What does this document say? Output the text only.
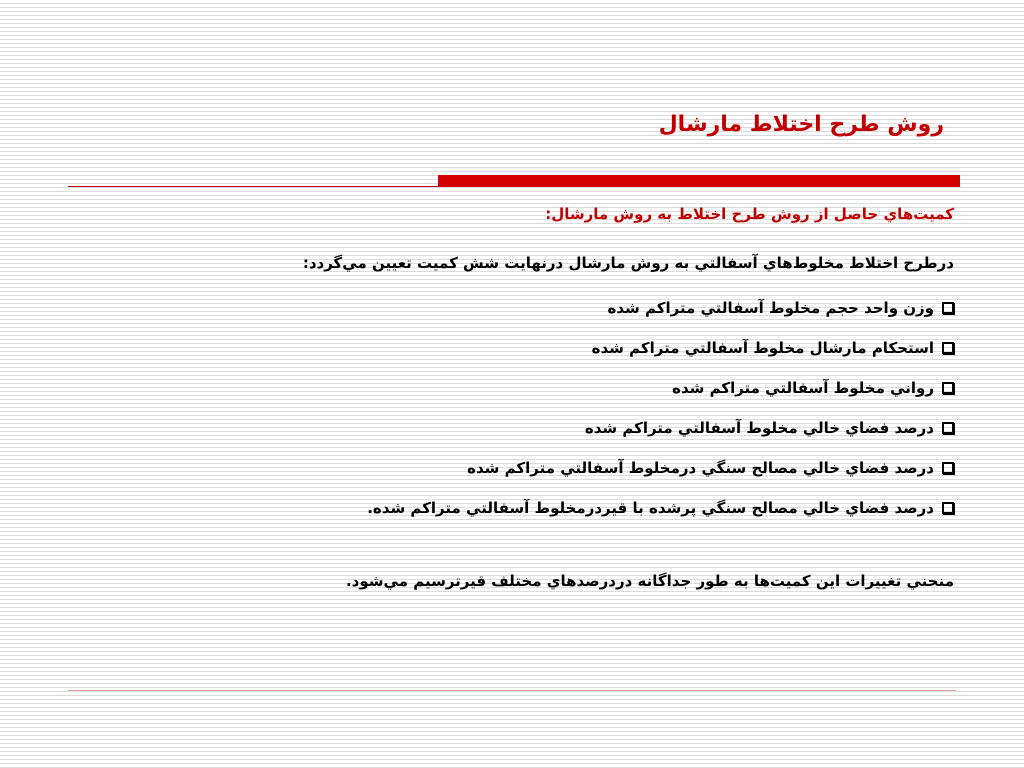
روش طرح اختلاط مارشال

كميت‌هاي حاصل از روش طرح اختلاط به روش مارشال:

درطرح اختلاط مخلوط‌هاي آسفالتي به روش مارشال درنهايت شش كميت تعيين مي‌گردد:

وزن واحد حجم مخلوط آسفالتي متراكم شده
استحكام مارشال مخلوط آسفالتي متراكم شده
رواني مخلوط آسفالتي متراكم شده
درصد فضاي خالي مخلوط آسفالتي متراكم شده
درصد فضاي خالي مصالح سنگي درمخلوط آسفالتي متراكم شده
درصد فضاي خالي مصالح سنگي پرشده با قيردرمخلوط آسفالتي متراكم شده.

منحني تغييرات اين كميت‌ها به طور جداگانه دردرصدهاي مختلف قيرترسيم مي‌شود.
